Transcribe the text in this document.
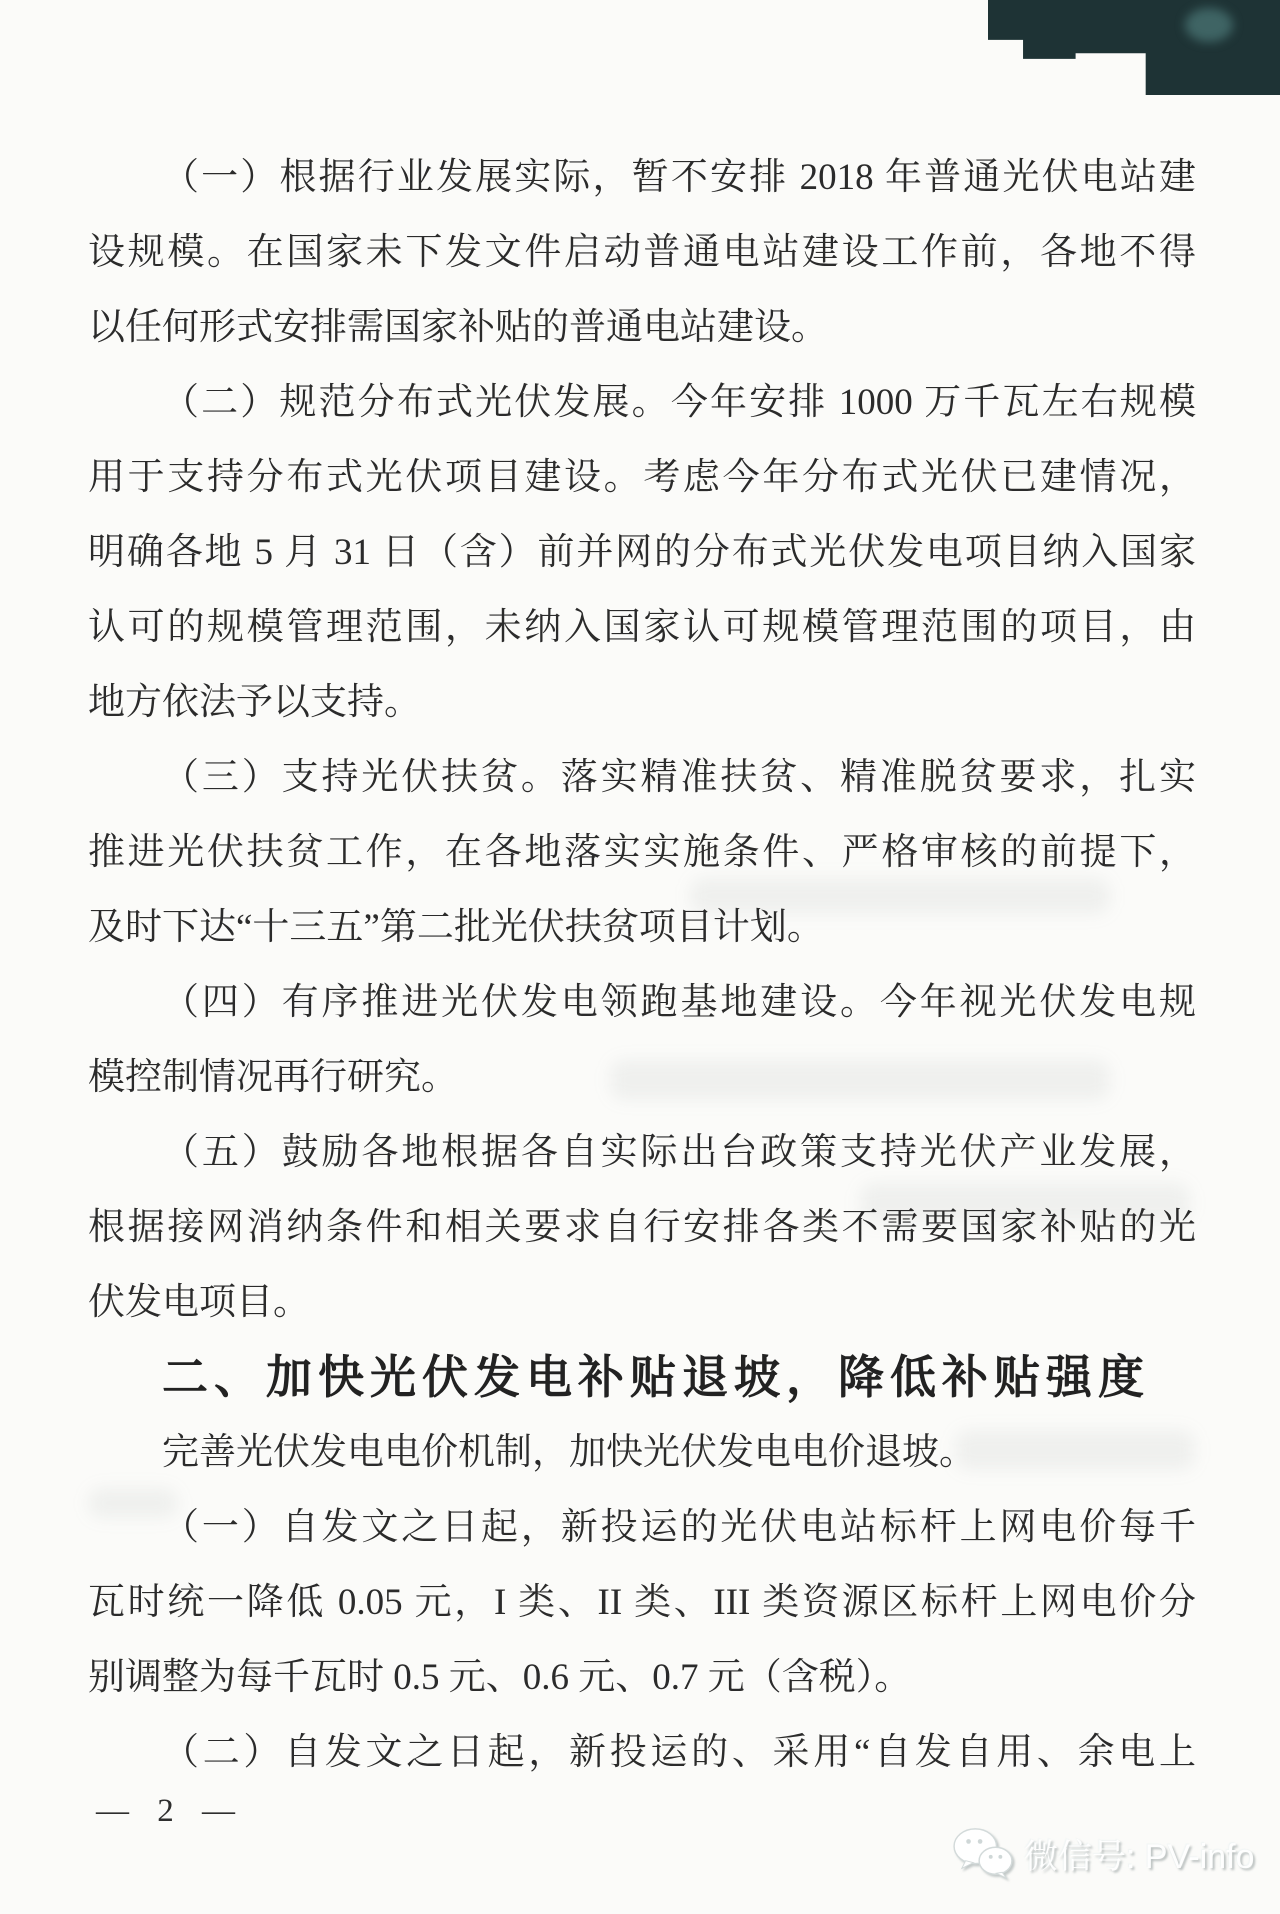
（一）根据行业发展实际，暂不安排 2018 年普通光伏电站建
设规模。在国家未下发文件启动普通电站建设工作前，各地不得
以任何形式安排需国家补贴的普通电站建设。
（二）规范分布式光伏发展。今年安排 1000 万千瓦左右规模
用于支持分布式光伏项目建设。考虑今年分布式光伏已建情况，
明确各地 5 月 31 日（含）前并网的分布式光伏发电项目纳入国家
认可的规模管理范围，未纳入国家认可规模管理范围的项目，由
地方依法予以支持。
（三）支持光伏扶贫。落实精准扶贫、精准脱贫要求，扎实
推进光伏扶贫工作，在各地落实实施条件、严格审核的前提下，
及时下达“十三五”第二批光伏扶贫项目计划。
（四）有序推进光伏发电领跑基地建设。今年视光伏发电规
模控制情况再行研究。
（五）鼓励各地根据各自实际出台政策支持光伏产业发展，
根据接网消纳条件和相关要求自行安排各类不需要国家补贴的光
伏发电项目。
二、加快光伏发电补贴退坡，降低补贴强度
完善光伏发电电价机制，加快光伏发电电价退坡。
（一）自发文之日起，新投运的光伏电站标杆上网电价每千
瓦时统一降低 0.05 元，I 类、II 类、III 类资源区标杆上网电价分
别调整为每千瓦时 0.5 元、0.6 元、0.7 元（含税）。
（二）自发文之日起，新投运的、采用“自发自用、余电上
— 2 —
微信号: PV-info
